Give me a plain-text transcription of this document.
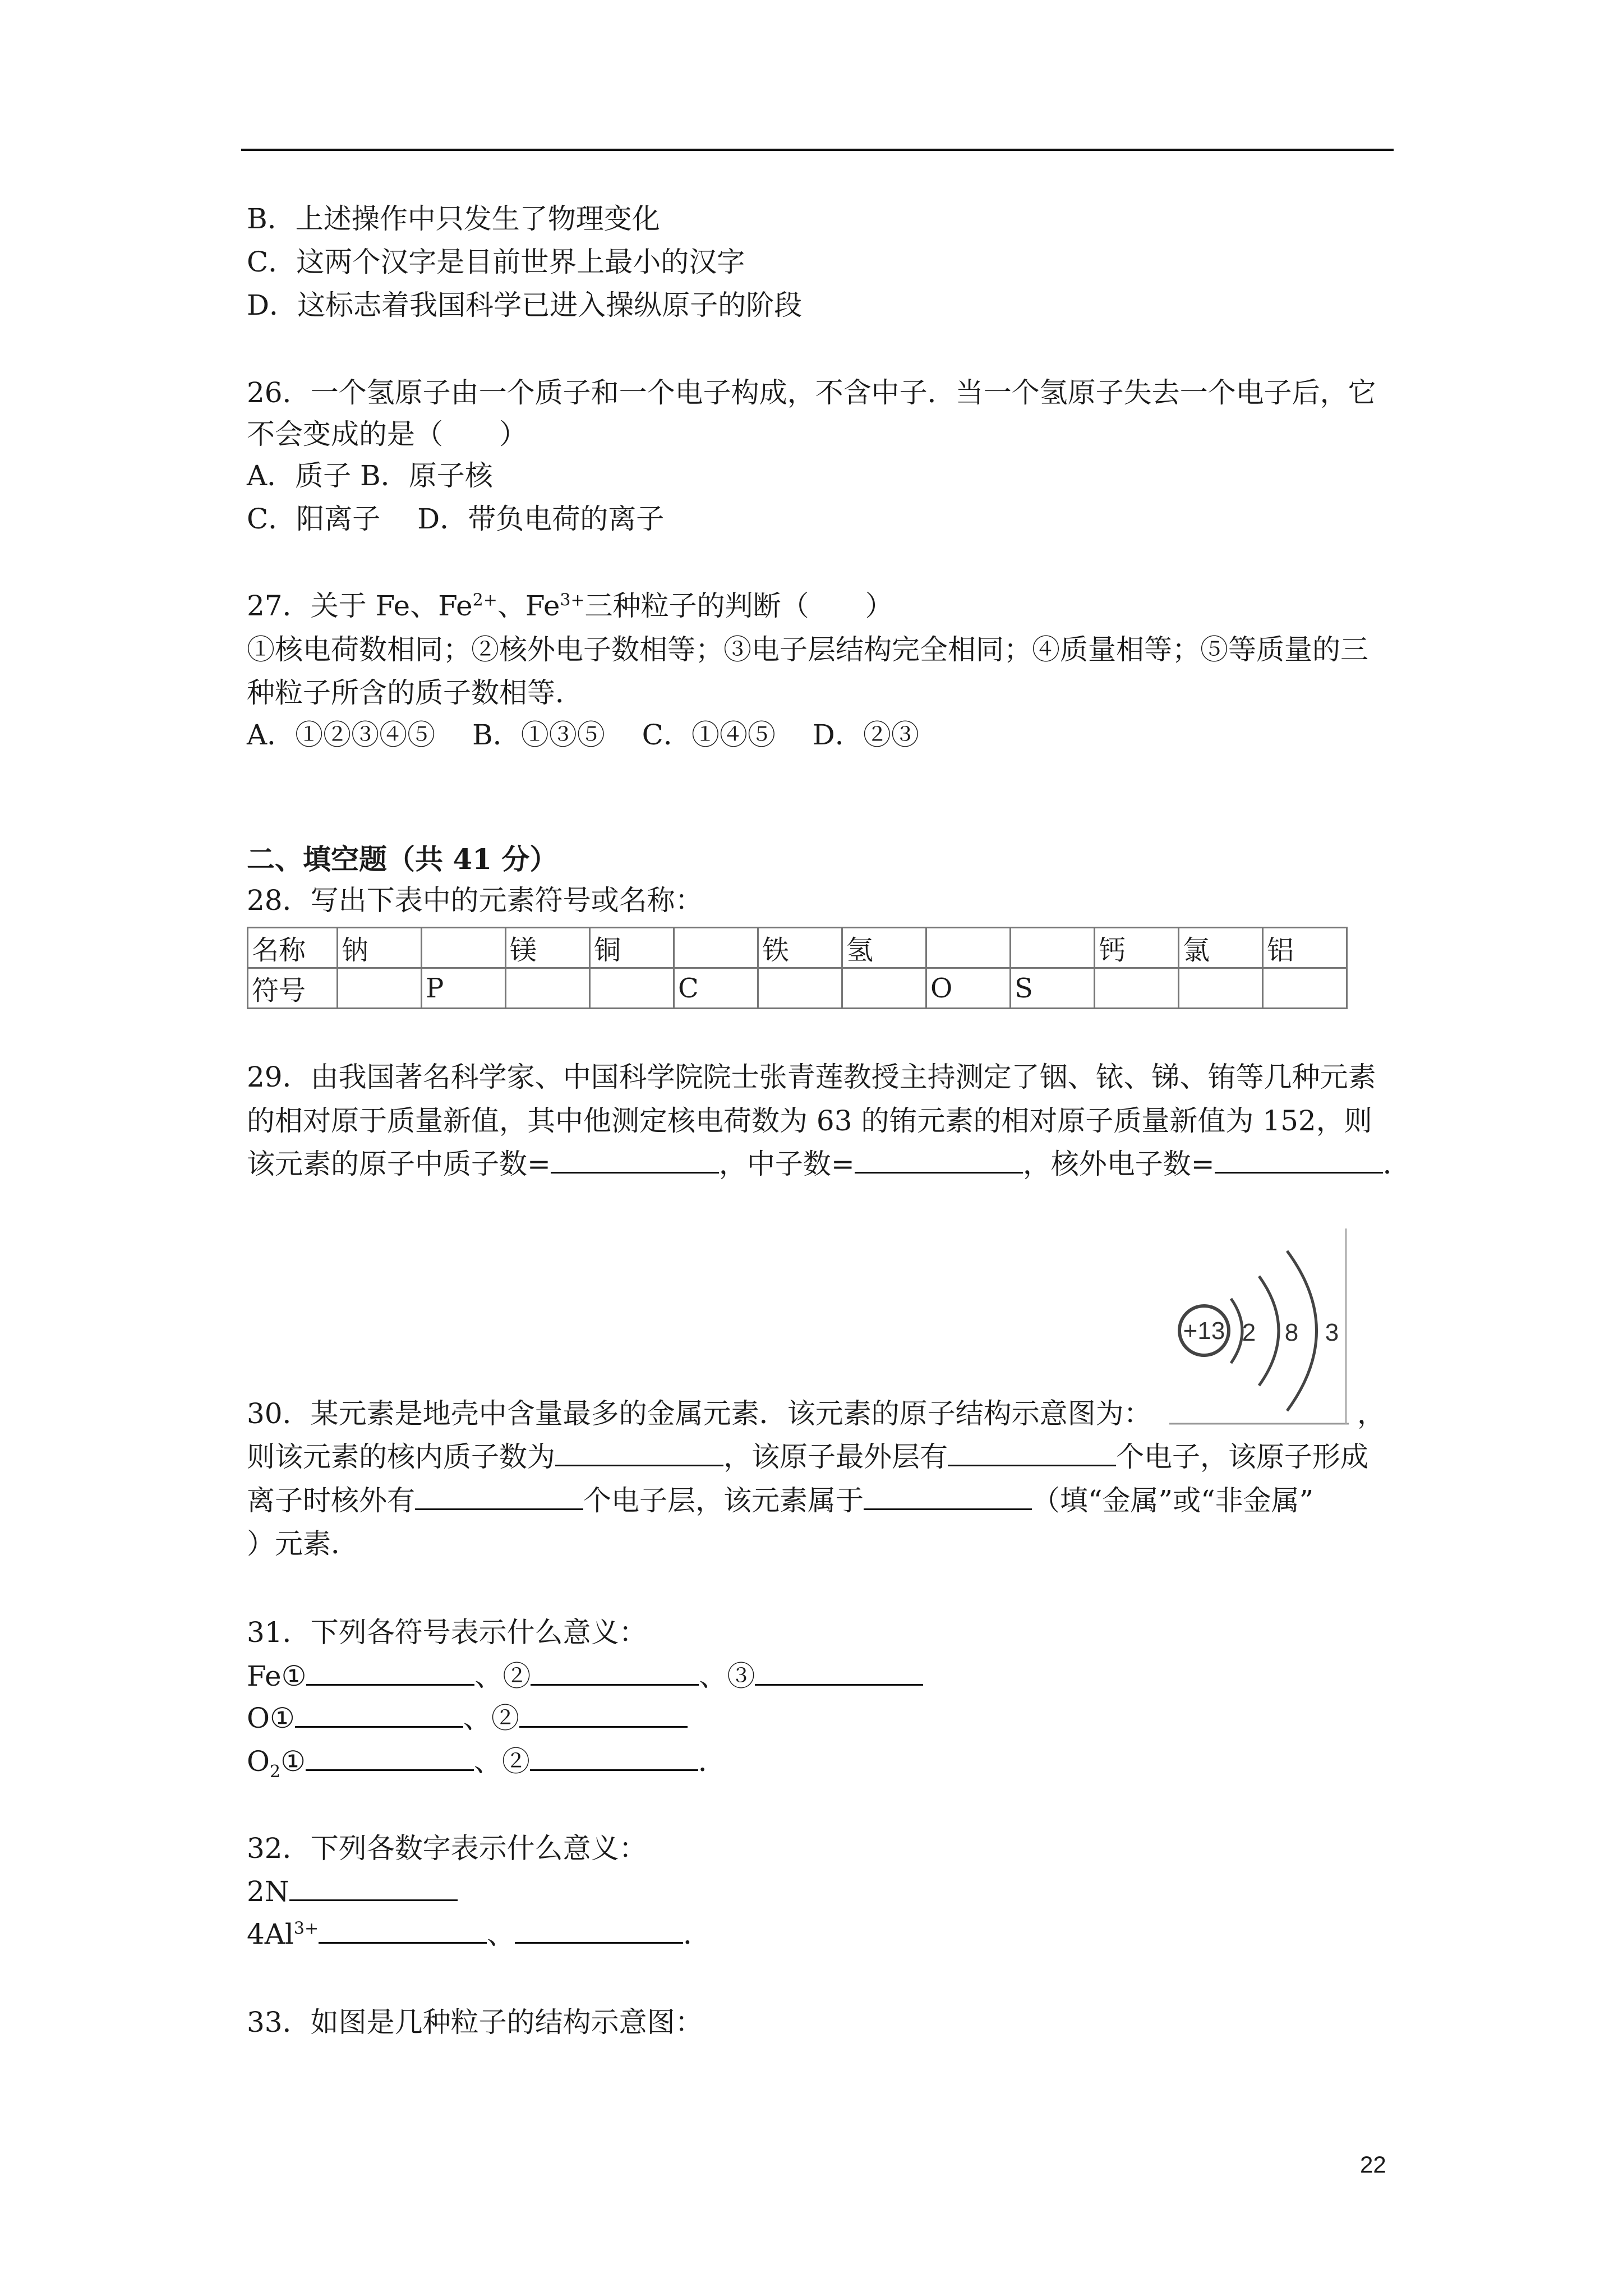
B．上述操作中只发生了物理变化
C．这两个汉字是目前世界上最小的汉字
D．这标志着我国科学已进入操纵原子的阶段
26．一个氢原子由一个质子和一个电子构成，不含中子．当一个氢原子失去一个电子后，它
不会变成的是（　　）
A．质子 B．原子核
C．阳离子　 D．带负电荷的离子
27．关于 Fe、$Fe^{2+}$、$Fe^{3+}$三种粒子的判断（　　）
①核电荷数相同；②核外电子数相等；③电子层结构完全相同；④质量相等；⑤等质量的三
种粒子所含的质子数相等．
A．①②③④⑤　 B．①③⑤　 C．①④⑤　 D．②③
二、填空题（共 41 分）
28．写出下表中的元素符号或名称：
名称	钠		镁	铜		铁	氢			钙	氯	铝
符号		P			C			O	S			
29．由我国著名科学家、中国科学院院士张青莲教授主持测定了铟、铱、锑、铕等几种元素
的相对原于质量新值，其中他测定核电荷数为 63 的铕元素的相对原子质量新值为 152，则
该元素的原子中质子数=	，中子数=	，核外电子数=	．
+13 2 8 3
30．某元素是地壳中含量最多的金属元素．该元素的原子结构示意图为：	，
则该元素的核内质子数为	，该原子最外层有	个电子，该原子形成
离子时核外有	个电子层，该元素属于	（填“金属”或“非金属”
）元素．
31．下列各符号表示什么意义：
Fe①	、②	、③
O①	、②
$O_2①$	、②	．
32．下列各数字表示什么意义：
2N
$4Al^{3+}$	、	．
33．如图是几种粒子的结构示意图：
22
